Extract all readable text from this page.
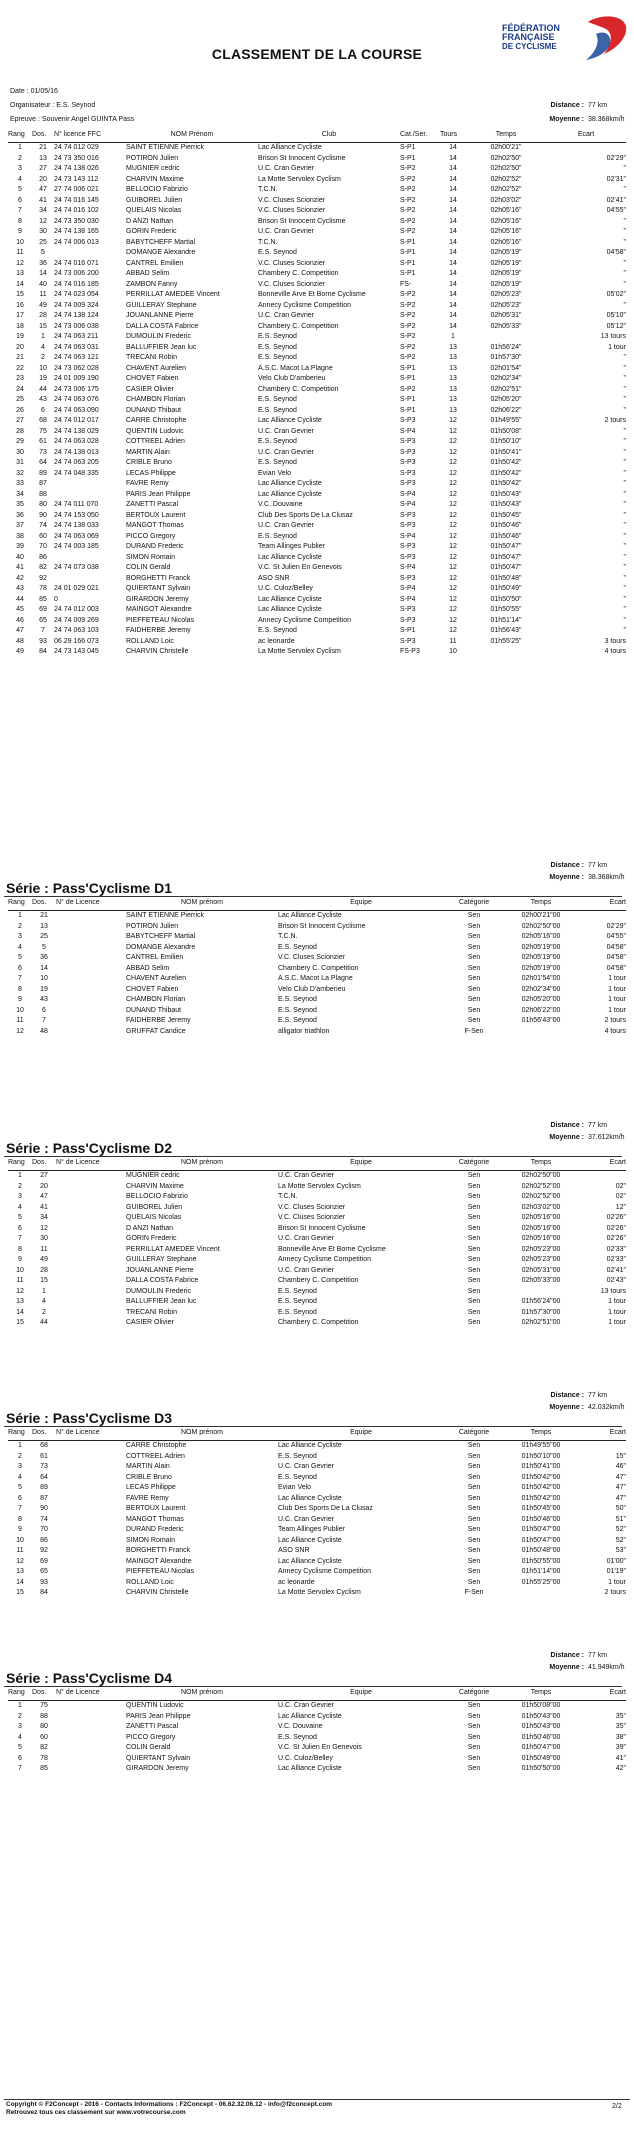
CLASSEMENT DE LA COURSE
FÉDÉRATION
FRANÇAISE
DE CYCLISME
Date : 01/05/16
Organisateur : E.S. Seynod
Epreuve : Souvenir Angel GUINTA Pass
Distance : 77 km
Moyenne : 38.368km/h
Rang	Dos.	N° licence FFC	NOM Prénom	Club	Cat./Ser.	Tours	Temps	Ecart
1	21	24 74 012 029	SAINT ETIENNE Pierrick	Lac Alliance Cycliste	S-P1	14	02h00'21"	
2	13	24 73 350 016	POTIRON Julien	Brison St Innocent Cyclisme	S-P1	14	02h02'50"	02'29"
3	27	24 74 138 026	MUGNIER cedric	U.C. Cran Gevrier	S-P2	14	02h02'50"	"
4	20	24 73 143 112	CHARVIN Maxime	La Motte Servolex Cyclism	S-P2	14	02h02'52"	02'31"
5	47	27 74 006 021	BELLOCIO Fabrizio	T.C.N.	S-P2	14	02h02'52"	"
6	41	24 74 016 145	GUIBOREL Julien	V.C. Cluses Scionzier	S-P2	14	02h03'02"	02'41"
7	34	24 74 016 102	QUELAIS Nicolas	V.C. Cluses Scionzier	S-P2	14	02h05'16"	04'55"
8	12	24 73 350 030	D ANZI Nathan	Brison St Innocent Cyclisme	S-P2	14	02h05'16"	"
9	30	24 74 138 165	GORIN Frederic	U.C. Cran Gevrier	S-P2	14	02h05'16"	"
10	25	24 74 006 013	BABYTCHEFF Martial	T.C.N.	S-P1	14	02h05'16"	"
11	5		DOMANGE Alexandre	E.S. Seynod	S-P1	14	02h05'19"	04'58"
12	36	24 74 016 071	CANTREL Emilien	V.C. Cluses Scionzier	S-P1	14	02h05'19"	"
13	14	24 73 006 200	ABBAD Selim	Chambery C. Competition	S-P1	14	02h05'19"	"
14	40	24 74 016 185	ZAMBON Fanny	V.C. Cluses Scionzier	FS-	14	02h05'19"	"
15	11	24 74 023 054	PERRILLAT AMEDEE Vincent	Bonneville Arve Et Borne Cyclisme	S-P2	14	02h05'23"	05'02"
16	49	24 74 009 324	GUILLERAY Stephane	Annecy Cyclisme Competition	S-P2	14	02h05'23"	"
17	28	24 74 138 124	JOUANLANNE Pierre	U.C. Cran Gevrier	S-P2	14	02h05'31"	05'10"
18	15	24 73 006 038	DALLA COSTA Fabrice	Chambery C. Competition	S-P2	14	02h05'33"	05'12"
19	1	24 74 063 211	DUMOULIN Frederic	E.S. Seynod	S-P2	1		13 tours
20	4	24 74 063 031	BALLUFFIER Jean luc	E.S. Seynod	S-P2	13	01h56'24"	1 tour
21	2	24 74 063 121	TRECANI Robin	E.S. Seynod	S-P2	13	01h57'30"	"
22	10	24 73 062 028	CHAVENT Aurelien	A.S.C. Macot La Plagne	S-P1	13	02h01'54"	"
23	19	24 01 009 190	CHOVET Fabien	Velo Club D'amberieu	S-P1	13	02h02'34"	"
24	44	24 73 006 175	CASIER Olivier	Chambery C. Competition	S-P2	13	02h02'51"	"
25	43	24 74 063 076	CHAMBON Florian	E.S. Seynod	S-P1	13	02h05'20"	"
26	6	24 74 063 090	DUNAND Thibaut	E.S. Seynod	S-P1	13	02h06'22"	"
27	68	24 74 012 017	CARRE Christophe	Lac Alliance Cycliste	S-P3	12	01h49'55"	2 tours
28	75	24 74 138 029	QUENTIN Ludovic	U.C. Cran Gevrier	S-P4	12	01h50'08"	"
29	61	24 74 063 028	COTTREEL Adrien	E.S. Seynod	S-P3	12	01h50'10"	"
30	73	24 74 138 013	MARTIN Alain	U.C. Cran Gevrier	S-P3	12	01h50'41"	"
31	64	24 74 063 205	CRIBLE Bruno	E.S. Seynod	S-P3	12	01h50'42"	"
32	89	24 74 048 335	LECAS Philippe	Evian Velo	S-P3	12	01h50'42"	"
33	87		FAVRE Remy	Lac Alliance Cycliste	S-P3	12	01h50'42"	"
34	88		PARIS Jean Philippe	Lac Alliance Cycliste	S-P4	12	01h50'43"	"
35	80	24 74 011 070	ZANETTI Pascal	V.C. Douvaine	S-P4	12	01h50'43"	"
36	90	24 74 153 050	BERTOUX Laurent	Club Des Sports De La Clusaz	S-P3	12	01h50'45"	"
37	74	24 74 138 033	MANGOT Thomas	U.C. Cran Gevrier	S-P3	12	01h50'46"	"
38	60	24 74 063 069	PICCO Gregory	E.S. Seynod	S-P4	12	01h50'46"	"
39	70	24 74 003 185	DURAND Frederic	Team Allinges Publier	S-P3	12	01h50'47"	"
40	86		SIMON Romain	Lac Alliance Cycliste	S-P3	12	01h50'47"	"
41	82	24 74 073 038	COLIN Gerald	V.C. St Julien En Genevois	S-P4	12	01h50'47"	"
42	92		BORGHETTI Franck	ASO SNR	S-P3	12	01h50'48"	"
43	78	24 01 029 021	QUIERTANT Sylvain	U.C. Culoz/Belley	S-P4	12	01h50'49"	"
44	85	0	GIRARDON Jeremy	Lac Alliance Cycliste	S-P4	12	01h50'50"	"
45	69	24 74 012 003	MAINGOT Alexandre	Lac Alliance Cycliste	S-P3	12	01h50'55"	"
46	65	24 74 009 269	PIEFFETEAU Nicolas	Annecy Cyclisme Competition	S-P3	12	01h51'14"	"
47	7	24 74 063 103	FAIDHERBE Jeremy	E.S. Seynod	S-P1	12	01h56'43"	"
48	93	06 29 166 073	ROLLAND Loic	ac leonarde	S-P3	11	01h55'25"	3 tours
49	84	24 73 143 045	CHARVIN Christelle	La Motte Servolex Cyclism	FS-P3	10		4 tours
Série : Pass'Cyclisme D1
Distance : 77 km
Moyenne : 38.368km/h
Rang	Dos.	N° de Licence	NOM prénom	Equipe	Catégorie	Temps	Ecart
1	21		SAINT ETIENNE Pierrick	Lac Alliance Cycliste	Sen	02h00'21"00	
2	13		POTIRON Julien	Brison St Innocent Cyclisme	Sen	02h02'50"00	02'29"
3	25		BABYTCHEFF Martial	T.C.N.	Sen	02h05'16"00	04'55"
4	5		DOMANGE Alexandre	E.S. Seynod	Sen	02h05'19"00	04'58"
5	36		CANTREL Emilien	V.C. Cluses Scionzier	Sen	02h05'19"00	04'58"
6	14		ABBAD Selim	Chambery C. Competition	Sen	02h05'19"00	04'58"
7	10		CHAVENT Aurelien	A.S.C. Macot La Plagne	Sen	02h01'54"00	1 tour
8	19		CHOVET Fabien	Velo Club D'amberieu	Sen	02h02'34"00	1 tour
9	43		CHAMBON Florian	E.S. Seynod	Sen	02h05'20"00	1 tour
10	6		DUNAND Thibaut	E.S. Seynod	Sen	02h06'22"00	1 tour
11	7		FAIDHERBE Jeremy	E.S. Seynod	Sen	01h56'43"00	2 tours
12	48		GRUFFAT Candice	alligator triathlon	F-Sen		4 tours
Série : Pass'Cyclisme D2
Distance : 77 km
Moyenne : 37.612km/h
Rang	Dos.	N° de Licence	NOM prénom	Equipe	Catégorie	Temps	Ecart
1	27		MUGNIER cedric	U.C. Cran Gevrier	Sen	02h02'50"00	
2	20		CHARVIN Maxime	La Motte Servolex Cyclism	Sen	02h02'52"00	02"
3	47		BELLOCIO Fabrizio	T.C.N.	Sen	02h02'52"00	02"
4	41		GUIBOREL Julien	V.C. Cluses Scionzier	Sen	02h03'02"00	12"
5	34		QUELAIS Nicolas	V.C. Cluses Scionzier	Sen	02h05'16"00	02'26"
6	12		D ANZI Nathan	Brison St Innocent Cyclisme	Sen	02h05'16"00	02'26"
7	30		GORIN Frederic	U.C. Cran Gevrier	Sen	02h05'16"00	02'26"
8	11		PERRILLAT AMEDEE Vincent	Bonneville Arve Et Borne Cyclisme	Sen	02h05'23"00	02'33"
9	49		GUILLERAY Stephane	Annecy Cyclisme Competition	Sen	02h05'23"00	02'33"
10	28		JOUANLANNE Pierre	U.C. Cran Gevrier	Sen	02h05'31"00	02'41"
11	15		DALLA COSTA Fabrice	Chambery C. Competition	Sen	02h05'33"00	02'43"
12	1		DUMOULIN Frederic	E.S. Seynod	Sen		13 tours
13	4		BALLUFFIER Jean luc	E.S. Seynod	Sen	01h56'24"00	1 tour
14	2		TRECANI Robin	E.S. Seynod	Sen	01h57'30"00	1 tour
15	44		CASIER Olivier	Chambery C. Competition	Sen	02h02'51"00	1 tour
Série : Pass'Cyclisme D3
Distance : 77 km
Moyenne : 42.032km/h
Rang	Dos.	N° de Licence	NOM prénom	Equipe	Catégorie	Temps	Ecart
1	68		CARRE Christophe	Lac Alliance Cycliste	Sen	01h49'55"00	
2	61		COTTREEL Adrien	E.S. Seynod	Sen	01h50'10"00	15"
3	73		MARTIN Alain	U.C. Cran Gevrier	Sen	01h50'41"00	46"
4	64		CRIBLE Bruno	E.S. Seynod	Sen	01h50'42"00	47"
5	89		LECAS Philippe	Evian Velo	Sen	01h50'42"00	47"
6	87		FAVRE Remy	Lac Alliance Cycliste	Sen	01h50'42"00	47"
7	90		BERTOUX Laurent	Club Des Sports De La Clusaz	Sen	01h50'45"00	50"
8	74		MANGOT Thomas	U.C. Cran Gevrier	Sen	01h50'46"00	51"
9	70		DURAND Frederic	Team Allinges Publier	Sen	01h50'47"00	52"
10	86		SIMON Romain	Lac Alliance Cycliste	Sen	01h50'47"00	52"
11	92		BORGHETTI Franck	ASO SNR	Sen	01h50'48"00	53"
12	69		MAINGOT Alexandre	Lac Alliance Cycliste	Sen	01h50'55"00	01'00"
13	65		PIEFFETEAU Nicolas	Annecy Cyclisme Competition	Sen	01h51'14"00	01'19"
14	93		ROLLAND Loic	ac leonarde	Sen	01h55'25"00	1 tour
15	84		CHARVIN Christelle	La Motte Servolex Cyclism	F-Sen		2 tours
Série : Pass'Cyclisme D4
Distance : 77 km
Moyenne : 41.949km/h
Rang	Dos.	N° de Licence	NOM prénom	Equipe	Catégorie	Temps	Ecart
1	75		QUENTIN Ludovic	U.C. Cran Gevrier	Sen	01h50'08"00	
2	88		PARIS Jean Philippe	Lac Alliance Cycliste	Sen	01h50'43"00	35"
3	80		ZANETTI Pascal	V.C. Douvaine	Sen	01h50'43"00	35"
4	60		PICCO Gregory	E.S. Seynod	Sen	01h50'46"00	38"
5	82		COLIN Gerald	V.C. St Julien En Genevois	Sen	01h50'47"00	39"
6	78		QUIERTANT Sylvain	U.C. Culoz/Belley	Sen	01h50'49"00	41"
7	85		GIRARDON Jeremy	Lac Alliance Cycliste	Sen	01h50'50"00	42"
Copyright © F2Concept - 2016 - Contacts Informations : F2Concept - 06.62.32.06.12 - info@f2concept.com
Retrouvez tous ces classement sur www.votrecourse.com
2/2
